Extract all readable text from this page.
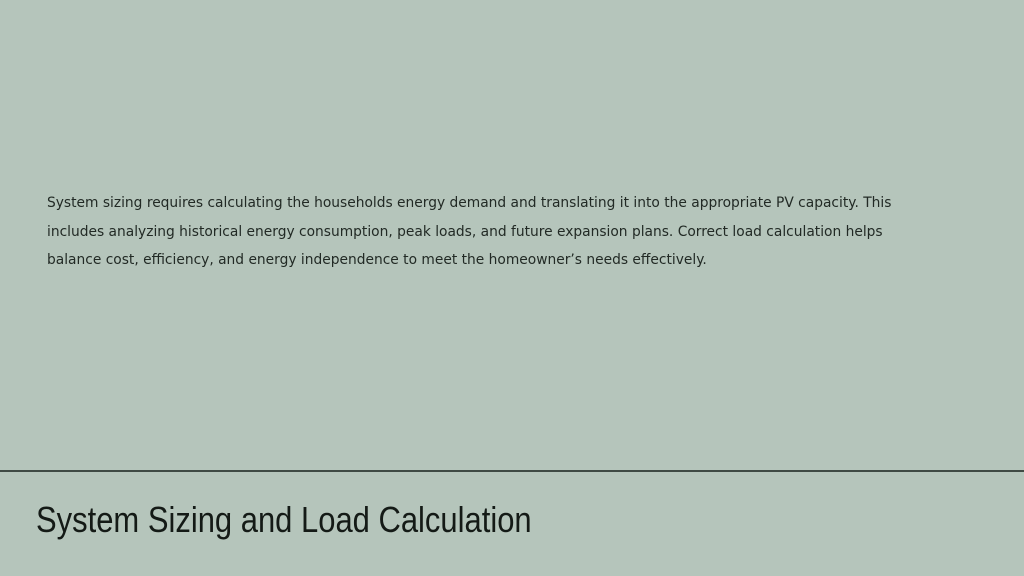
System sizing requires calculating the households energy demand and translating it into the appropriate PV capacity. This includes analyzing historical energy consumption, peak loads, and future expansion plans. Correct load calculation helps balance cost, efficiency, and energy independence to meet the homeowner’s needs effectively.

System Sizing and Load Calculation
